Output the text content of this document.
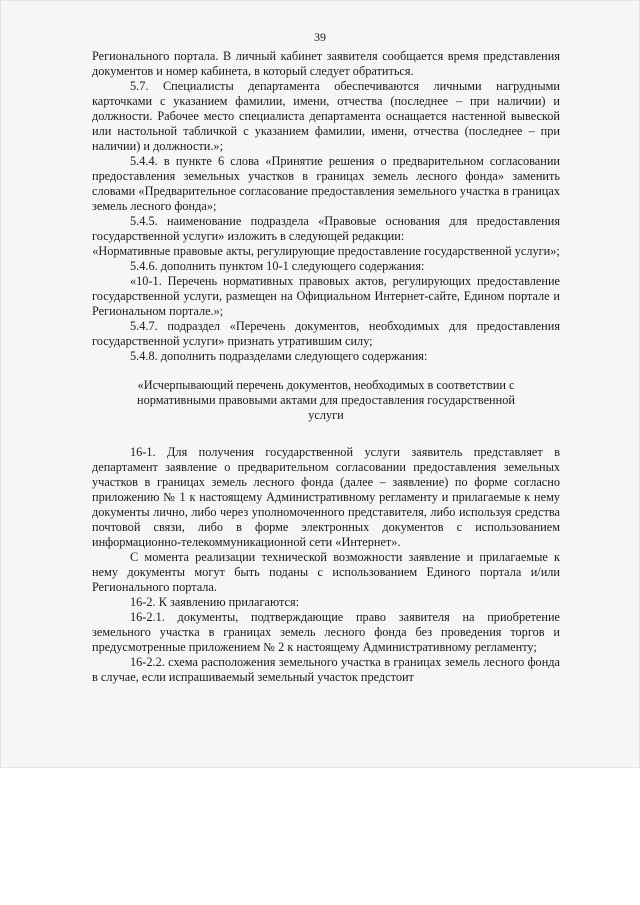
39

Регионального портала. В личный кабинет заявителя сообщается время представления документов и номер кабинета, в который следует обратиться.

5.7. Специалисты департамента обеспечиваются личными нагрудными карточками с указанием фамилии, имени, отчества (последнее – при наличии) и должности. Рабочее место специалиста департамента оснащается настенной вывеской или настольной табличкой с указанием фамилии, имени, отчества (последнее – при наличии) и должности.»;

5.4.4. в пункте 6 слова «Принятие решения о предварительном согласовании предоставления земельных участков в границах земель лесного фонда» заменить словами «Предварительное согласование предоставления земельного участка в границах земель лесного фонда»;

5.4.5. наименование подраздела «Правовые основания для предоставления государственной услуги» изложить в следующей редакции:

«Нормативные правовые акты, регулирующие предоставление государственной услуги»;

5.4.6. дополнить пунктом 10-1 следующего содержания:

«10-1. Перечень нормативных правовых актов, регулирующих предоставление государственной услуги, размещен на Официальном Интернет-сайте, Едином портале и Региональном портале.»;

5.4.7. подраздел «Перечень документов, необходимых для предоставления государственной услуги» признать утратившим силу;

5.4.8. дополнить подразделами следующего содержания:

«Исчерпывающий перечень документов, необходимых в соответствии с нормативными правовыми актами для предоставления государственной услуги

16-1. Для получения государственной услуги заявитель представляет в департамент заявление о предварительном согласовании предоставления земельных участков в границах земель лесного фонда (далее – заявление) по форме согласно приложению № 1 к настоящему Административному регламенту и прилагаемые к нему документы лично, либо через уполномоченного представителя, либо используя средства почтовой связи, либо в форме электронных документов с использованием информационно-телекоммуникационной сети «Интернет».

С момента реализации технической возможности заявление и прилагаемые к нему документы могут быть поданы с использованием Единого портала и/или Регионального портала.

16-2. К заявлению прилагаются:

16-2.1. документы, подтверждающие право заявителя на приобретение земельного участка в границах земель лесного фонда без проведения торгов и предусмотренные приложением № 2 к настоящему Административному регламенту;

16-2.2. схема расположения земельного участка в границах земель лесного фонда в случае, если испрашиваемый земельный участок предстоит
